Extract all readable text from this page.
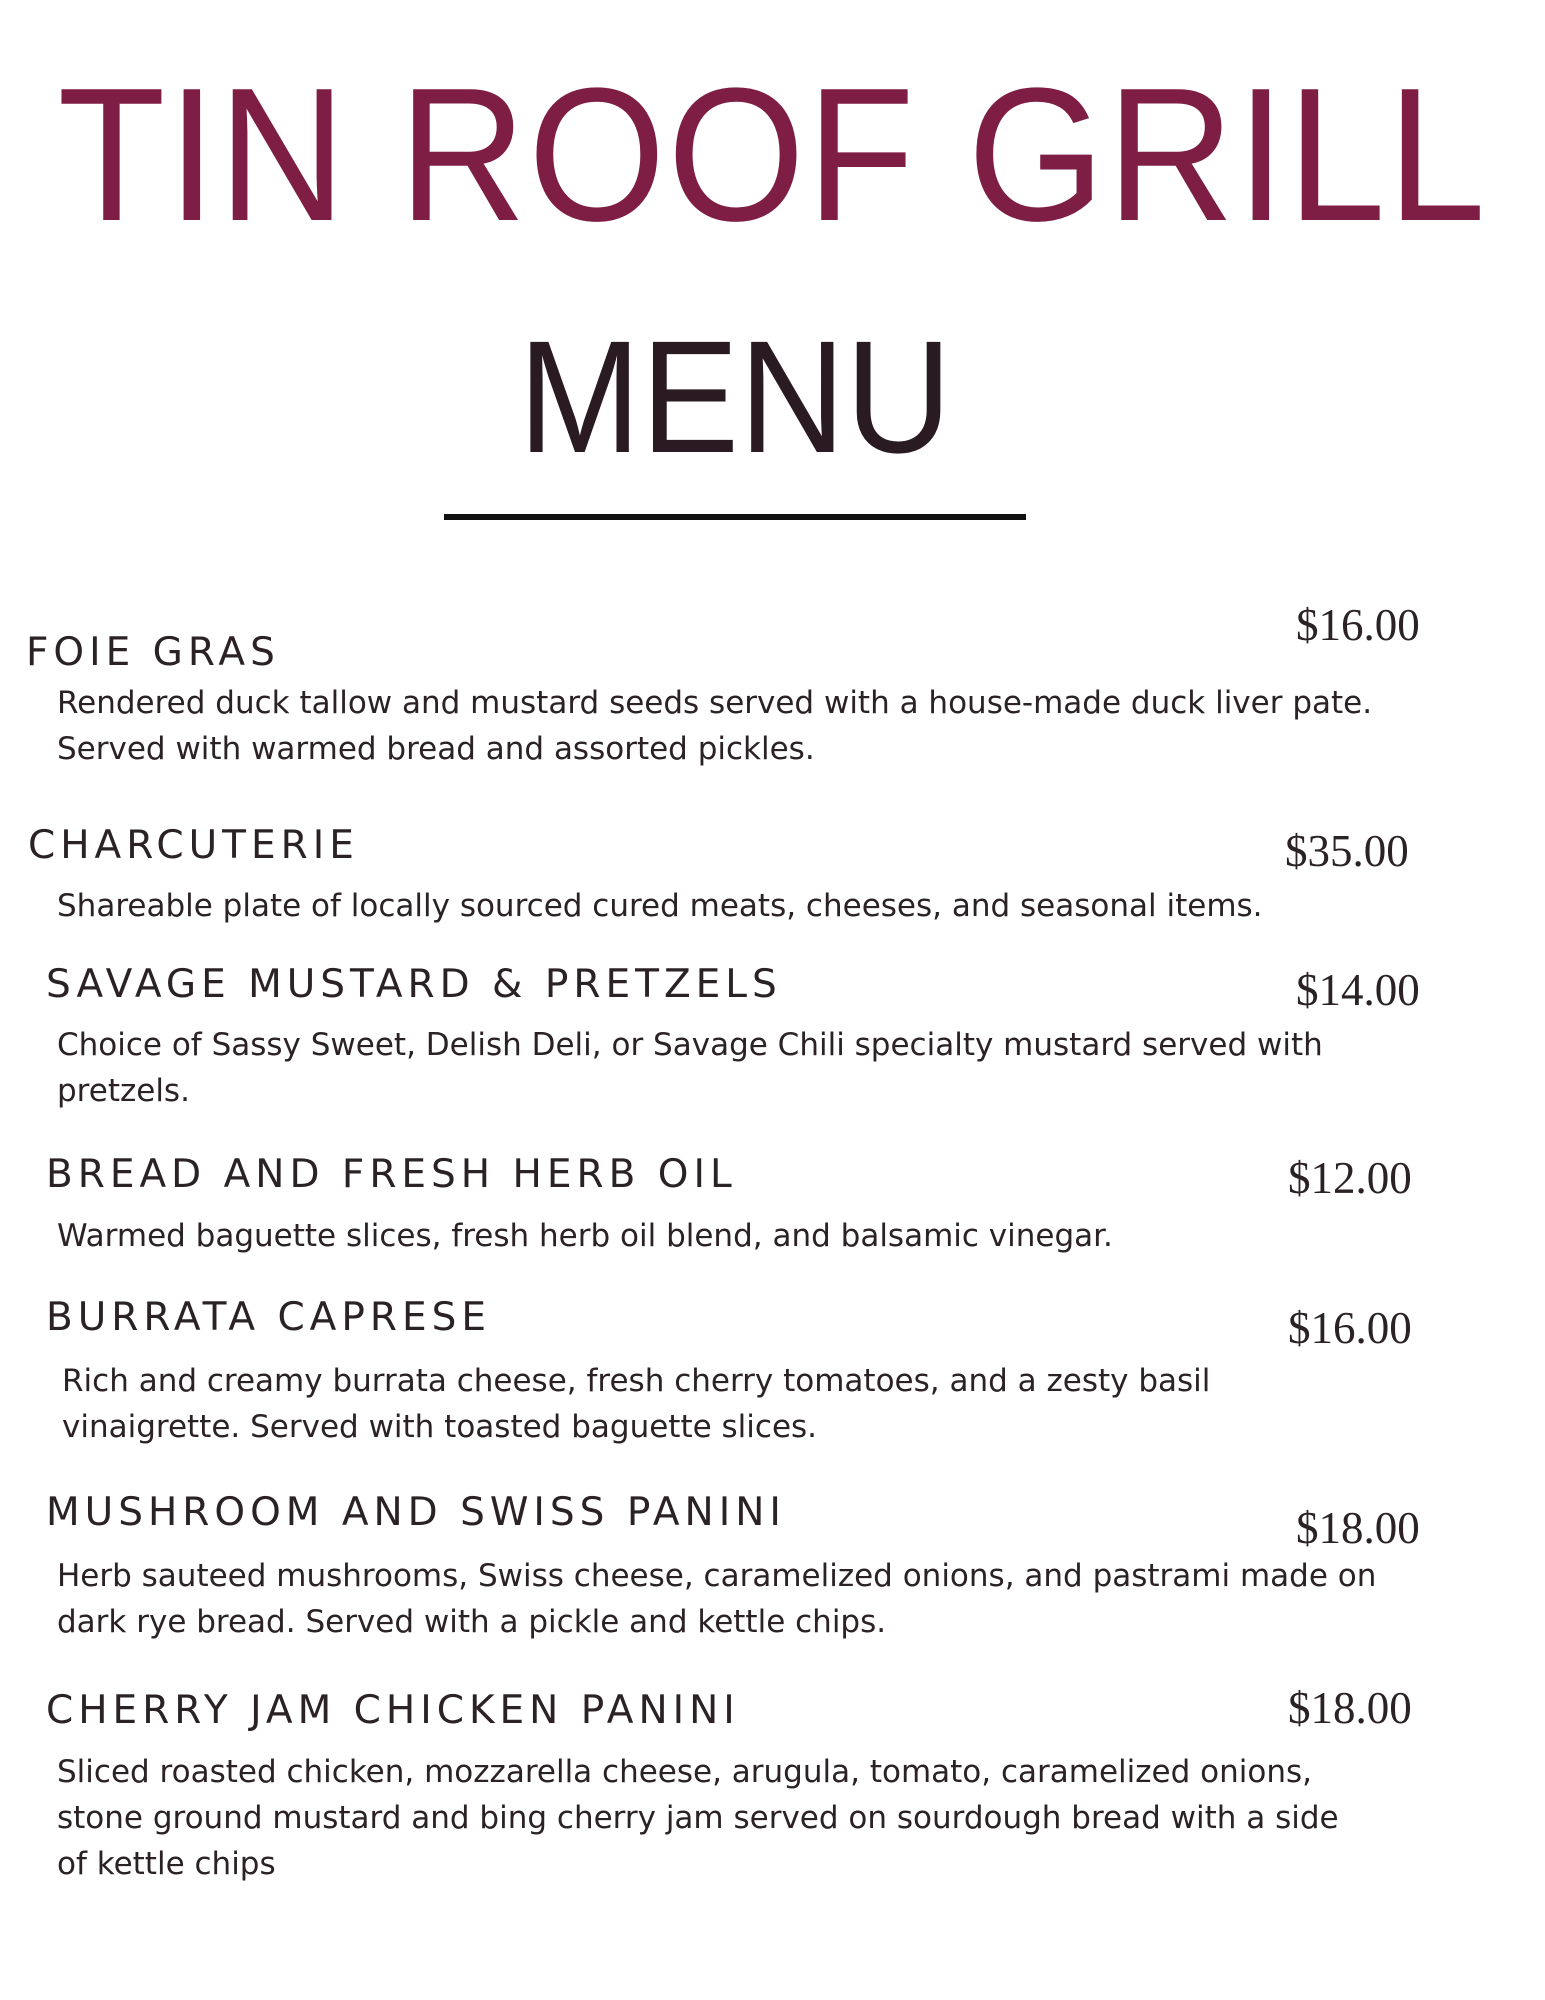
TIN ROOF GRILL
MENU
FOIE GRAS
$16.00
Rendered duck tallow and mustard seeds served with a house-made duck liver pate.
Served with warmed bread and assorted pickles.
CHARCUTERIE	$35.00
Shareable plate of locally sourced cured meats, cheeses, and seasonal items.
SAVAGE MUSTARD & PRETZELS	$14.00
Choice of Sassy Sweet, Delish Deli, or Savage Chili specialty mustard served with
pretzels.
BREAD AND FRESH HERB OIL	$12.00
Warmed baguette slices, fresh herb oil blend, and balsamic vinegar.
BURRATA CAPRESE	$16.00
Rich and creamy burrata cheese, fresh cherry tomatoes, and a zesty basil
vinaigrette. Served with toasted baguette slices.
MUSHROOM AND SWISS PANINI	$18.00
Herb sauteed mushrooms, Swiss cheese, caramelized onions, and pastrami made on
dark rye bread. Served with a pickle and kettle chips.
CHERRY JAM CHICKEN PANINI	$18.00
Sliced roasted chicken, mozzarella cheese, arugula, tomato, caramelized onions,
stone ground mustard and bing cherry jam served on sourdough bread with a side
of kettle chips
